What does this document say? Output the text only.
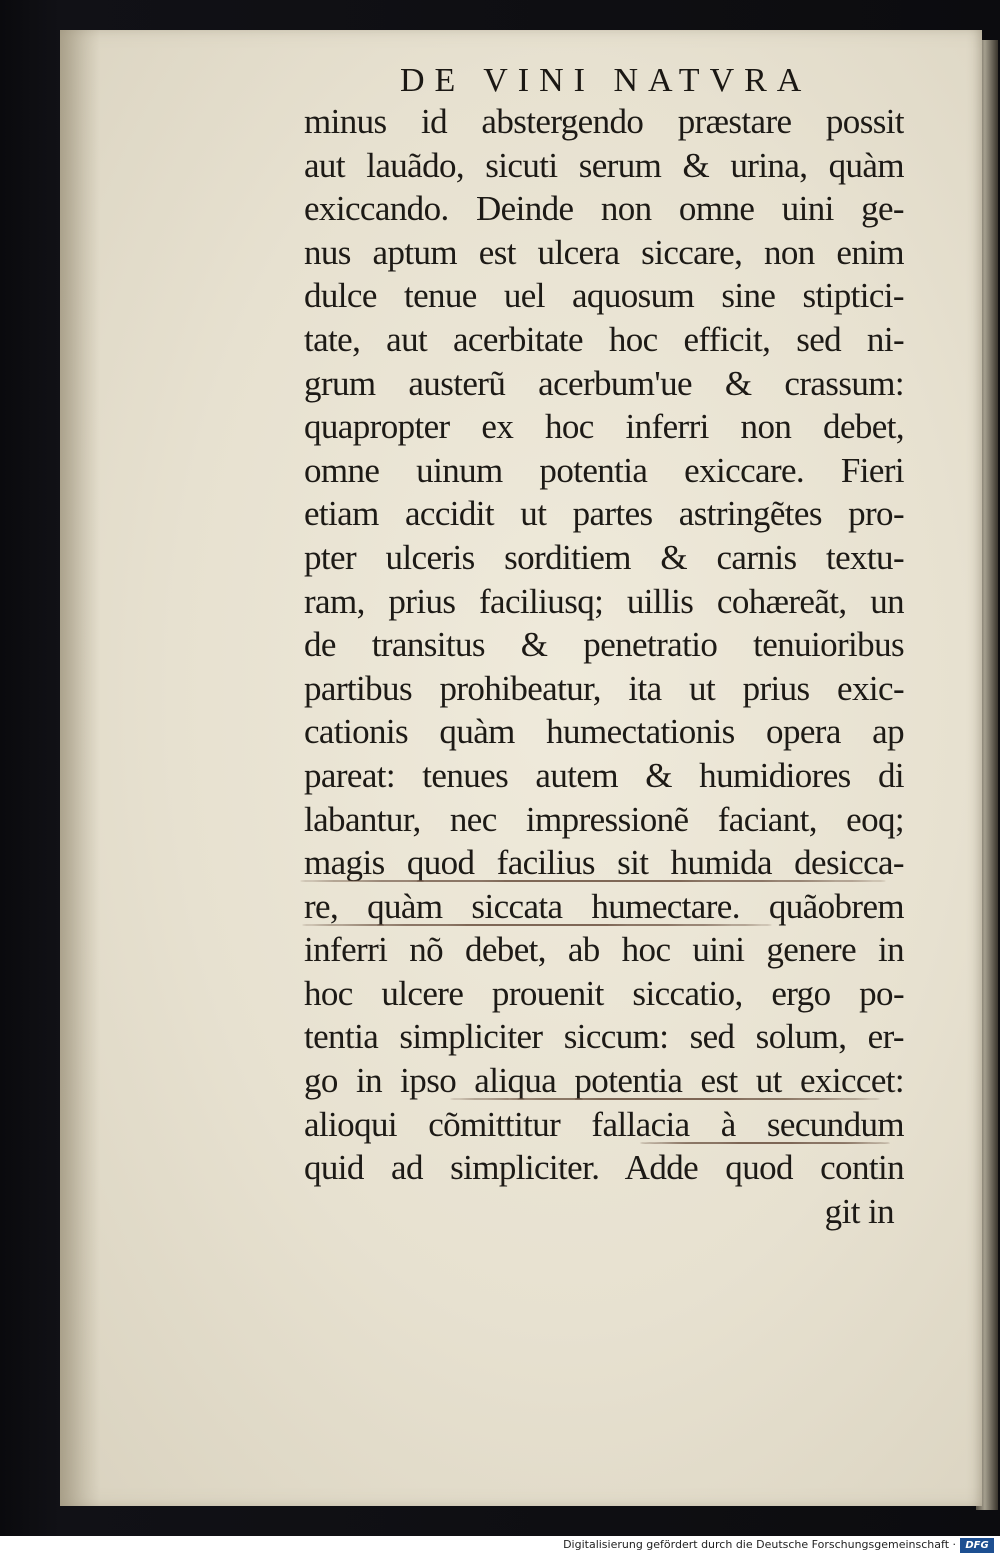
DE VINI NATVRA
minus id abstergendo præstare possit
aut lauãdo, sicuti serum & urina, quàm
exiccando. Deinde non omne uini ge-
nus aptum est ulcera siccare, non enim
dulce tenue uel aquosum sine stiptici-
tate, aut acerbitate hoc efficit, sed ni-
grum austerũ acerbum'ue & crassum:
quapropter ex hoc inferri non debet,
omne uinum potentia exiccare. Fieri
etiam accidit ut partes astringẽtes pro-
pter ulceris sorditiem & carnis textu-
ram, prius faciliusq; uillis cohæreãt, un
de transitus & penetratio tenuioribus
partibus prohibeatur, ita ut prius exic-
cationis quàm humectationis opera ap
pareat: tenues autem & humidiores di
labantur, nec impressionẽ faciant, eoq;
magis quod facilius sit humida desicca-
re, quàm siccata humectare. quãobrem
inferri nõ debet, ab hoc uini genere in
hoc ulcere prouenit siccatio, ergo po-
tentia simpliciter siccum: sed solum, er-
go in ipso aliqua potentia est ut exiccet:
alioqui cõmittitur fallacia à secundum
quid ad simpliciter. Adde quod contin
git in
Digitalisierung gefördert durch die Deutsche Forschungsgemeinschaft · DFG
